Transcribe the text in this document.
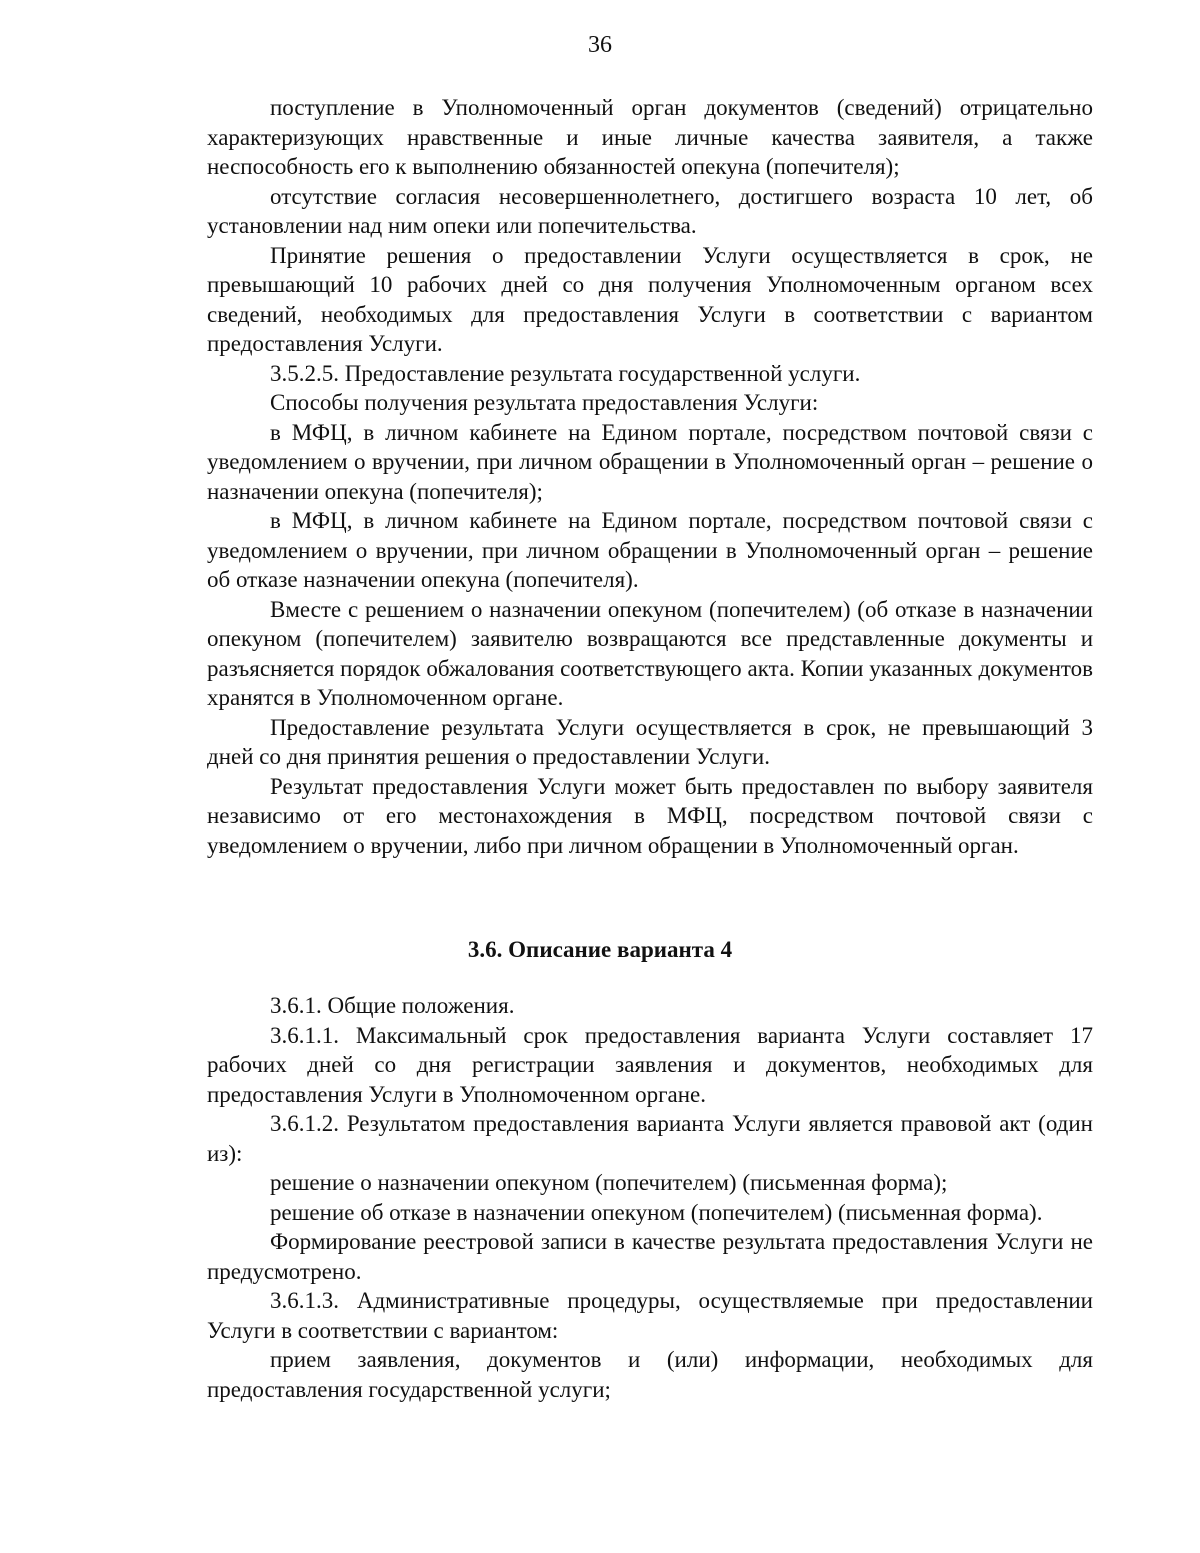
36

поступление в Уполномоченный орган документов (сведений) отрицательно характеризующих нравственные и иные личные качества заявителя, а также неспособность его к выполнению обязанностей опекуна (попечителя);

отсутствие согласия несовершеннолетнего, достигшего возраста 10 лет, об установлении над ним опеки или попечительства.

Принятие решения о предоставлении Услуги осуществляется в срок, не превышающий 10 рабочих дней со дня получения Уполномоченным органом всех сведений, необходимых для предоставления Услуги в соответствии с вариантом предоставления Услуги.

3.5.2.5. Предоставление результата государственной услуги.

Способы получения результата предоставления Услуги:

в МФЦ, в личном кабинете на Едином портале, посредством почтовой связи с уведомлением о вручении, при личном обращении в Уполномоченный орган – решение о назначении опекуна (попечителя);

в МФЦ, в личном кабинете на Едином портале, посредством почтовой связи с уведомлением о вручении, при личном обращении в Уполномоченный орган – решение об отказе назначении опекуна (попечителя).

Вместе с решением о назначении опекуном (попечителем) (об отказе в назначении опекуном (попечителем) заявителю возвращаются все представленные документы и разъясняется порядок обжалования соответствующего акта. Копии указанных документов хранятся в Уполномоченном органе.

Предоставление результата Услуги осуществляется в срок, не превышающий 3 дней со дня принятия решения о предоставлении Услуги.

Результат предоставления Услуги может быть предоставлен по выбору заявителя независимо от его местонахождения в МФЦ, посредством почтовой связи с уведомлением о вручении, либо при личном обращении в Уполномоченный орган.

3.6. Описание варианта 4

3.6.1. Общие положения.

3.6.1.1. Максимальный срок предоставления варианта Услуги составляет 17 рабочих дней со дня регистрации заявления и документов, необходимых для предоставления Услуги в Уполномоченном органе.

3.6.1.2. Результатом предоставления варианта Услуги является правовой акт (один из):

решение о назначении опекуном (попечителем) (письменная форма);

решение об отказе в назначении опекуном (попечителем) (письменная форма).

Формирование реестровой записи в качестве результата предоставления Услуги не предусмотрено.

3.6.1.3. Административные процедуры, осуществляемые при предоставлении Услуги в соответствии с вариантом:

прием заявления, документов и (или) информации, необходимых для предоставления государственной услуги;
